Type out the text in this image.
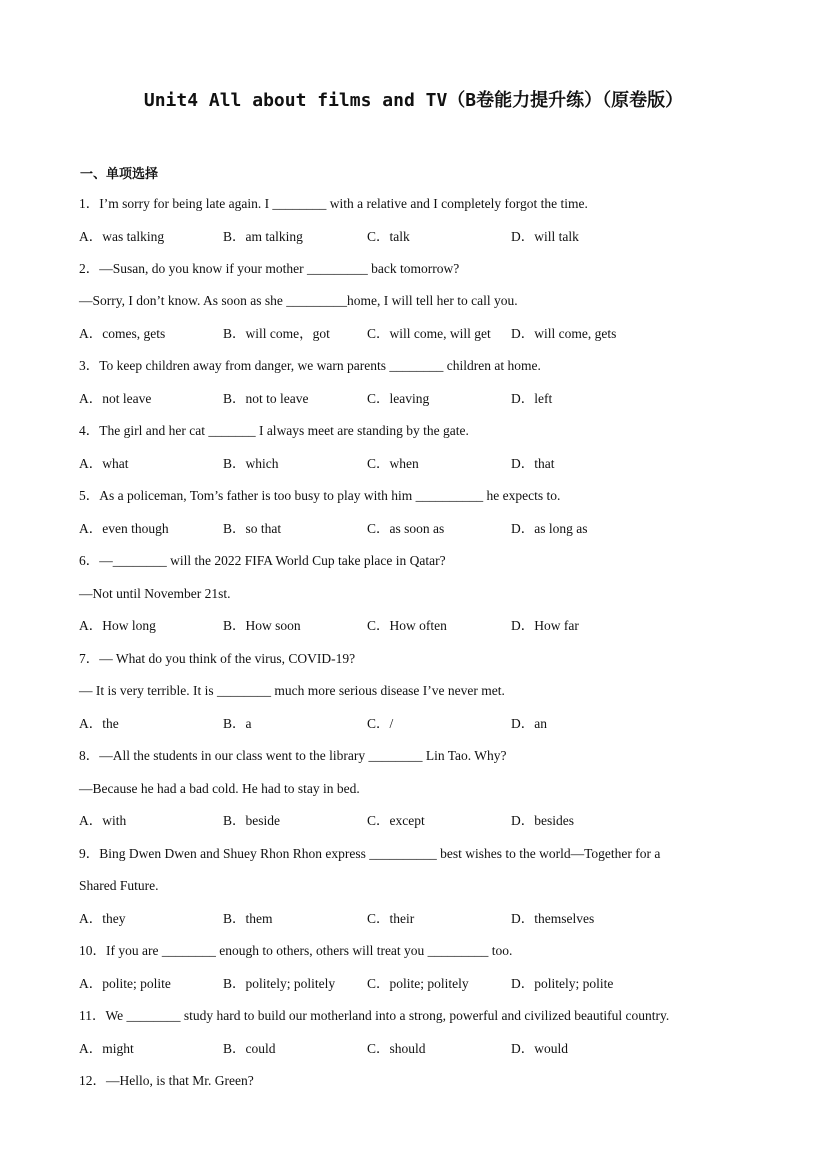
Unit4 All about films and TV（B卷能力提升练）（原卷版）
一、单项选择
1．I’m sorry for being late again. I ________ with a relative and I completely forgot the time.
A．was talking	B．am talking	C．talk	D．will talk
2．—Susan, do you know if your mother _________ back tomorrow?
—Sorry, I don’t know. As soon as she _________home, I will tell her to call you.
A．comes, gets	B．will come，got	C．will come, will get D．will come, gets
3．To keep children away from danger, we warn parents ________ children at home.
A．not leave	B．not to leave	C．leaving	D．left
4．The girl and her cat _______ I always meet are standing by the gate.
A．what	B．which	C．when	D．that
5．As a policeman, Tom’s father is too busy to play with him __________ he expects to.
A．even though	B．so that	C．as soon as	D．as long as
6．—________ will the 2022 FIFA World Cup take place in Qatar?
—Not until November 21st.
A．How long	B．How soon	C．How often	D．How far
7．— What do you think of the virus, COVID-19?
— It is very terrible. It is ________ much more serious disease I’ve never met.
A．the	B．a	C．/	D．an
8．—All the students in our class went to the library ________ Lin Tao. Why?
—Because he had a bad cold. He had to stay in bed.
A．with	B．beside	C．except	D．besides
9．Bing Dwen Dwen and Shuey Rhon Rhon express __________ best wishes to the world—Together for a
Shared Future.
A．they	B．them	C．their	D．themselves
10．If you are ________ enough to others, others will treat you _________ too.
A．polite; polite	B．politely; politely C．polite; politely	D．politely; polite
11．We ________ study hard to build our motherland into a strong, powerful and civilized beautiful country.
A．might	B．could	C．should	D．would
12．—Hello, is that Mr. Green?
